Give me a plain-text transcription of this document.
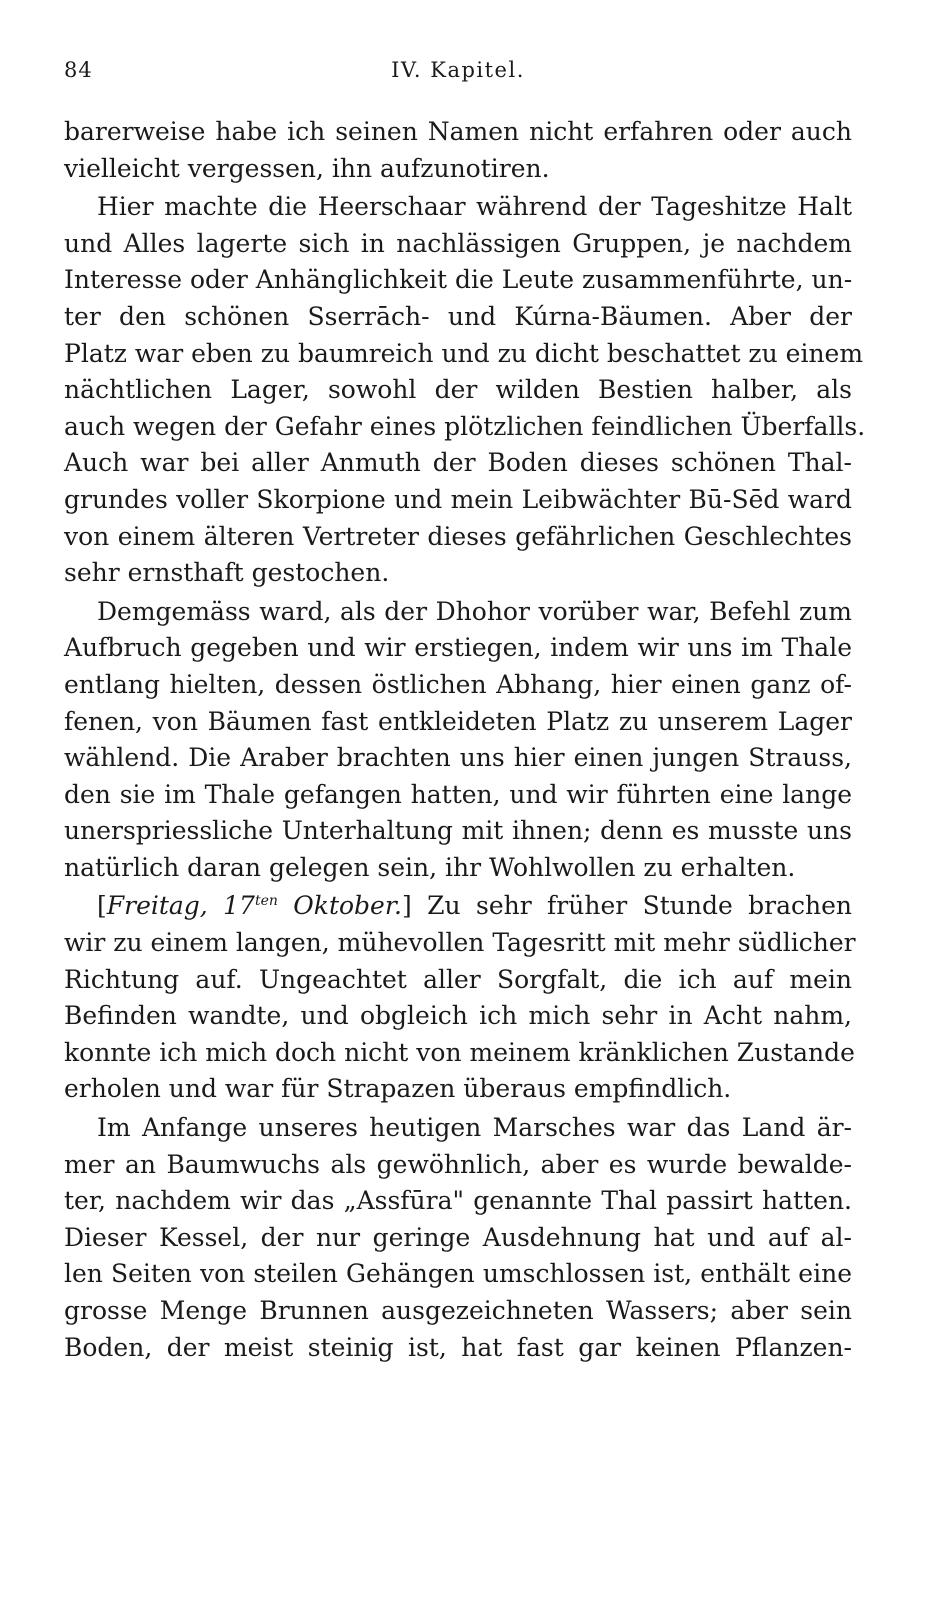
84	IV. Kapitel.
barerweise habe ich seinen Namen nicht erfahren oder auch
vielleicht vergessen, ihn aufzunotiren.
Hier machte die Heerschaar während der Tageshitze Halt
und Alles lagerte sich in nachlässigen Gruppen, je nachdem
Interesse oder Anhänglichkeit die Leute zusammenführte, un-
ter den schönen Sserrāch- und Kúrna-Bäumen. Aber der
Platz war eben zu baumreich und zu dicht beschattet zu einem
nächtlichen Lager, sowohl der wilden Bestien halber, als
auch wegen der Gefahr eines plötzlichen feindlichen Überfalls.
Auch war bei aller Anmuth der Boden dieses schönen Thal-
grundes voller Skorpione und mein Leibwächter Bū-Sēd ward
von einem älteren Vertreter dieses gefährlichen Geschlechtes
sehr ernsthaft gestochen.
Demgemäss ward, als der Dhohor vorüber war, Befehl zum
Aufbruch gegeben und wir erstiegen, indem wir uns im Thale
entlang hielten, dessen östlichen Abhang, hier einen ganz of-
fenen, von Bäumen fast entkleideten Platz zu unserem Lager
wählend. Die Araber brachten uns hier einen jungen Strauss,
den sie im Thale gefangen hatten, und wir führten eine lange
unerspriessliche Unterhaltung mit ihnen; denn es musste uns
natürlich daran gelegen sein, ihr Wohlwollen zu erhalten.
[Freitag, $17^{ten}$ Oktober.] Zu sehr früher Stunde brachen
wir zu einem langen, mühevollen Tagesritt mit mehr südlicher
Richtung auf. Ungeachtet aller Sorgfalt, die ich auf mein
Befinden wandte, und obgleich ich mich sehr in Acht nahm,
konnte ich mich doch nicht von meinem kränklichen Zustande
erholen und war für Strapazen überaus empfindlich.
Im Anfange unseres heutigen Marsches war das Land är-
mer an Baumwuchs als gewöhnlich, aber es wurde bewalde-
ter, nachdem wir das „Assfūra" genannte Thal passirt hatten.
Dieser Kessel, der nur geringe Ausdehnung hat und auf al-
len Seiten von steilen Gehängen umschlossen ist, enthält eine
grosse Menge Brunnen ausgezeichneten Wassers; aber sein
Boden, der meist steinig ist, hat fast gar keinen Pflanzen-
